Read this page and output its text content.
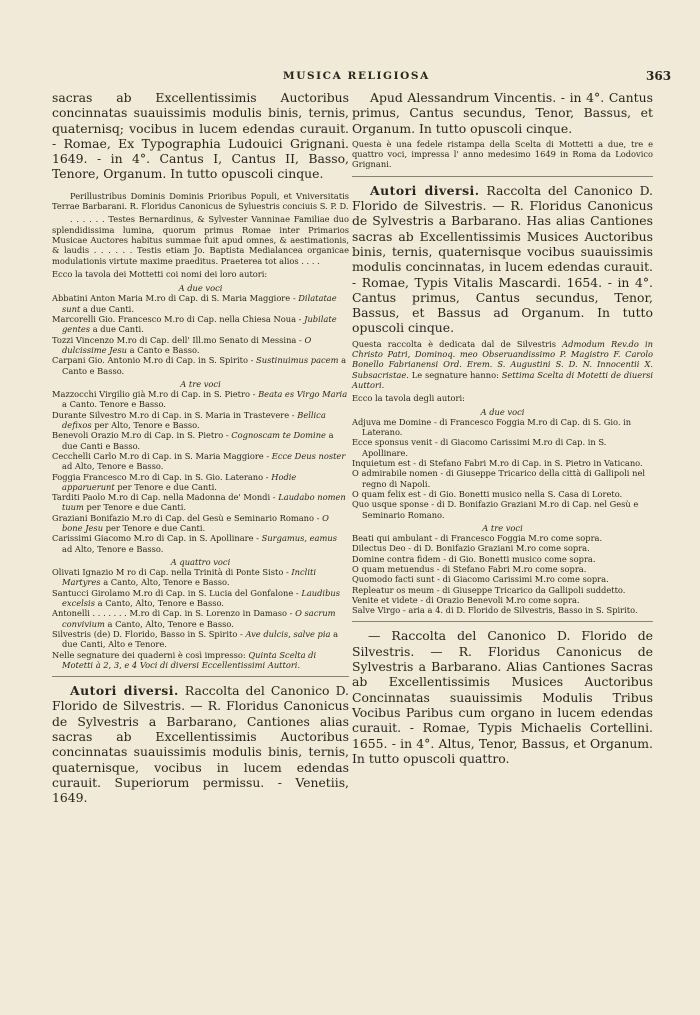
MUSICA RELIGIOSA	363

sacras ab Excellentissimis Auctoribus concinnatas suauissimis modulis binis, ternis, quaternisq; vocibus in lucem edendas curauit. - Romae, Ex Typographia Ludouici Grignani. 1649. - in 4°. Cantus I, Cantus II, Basso, Tenore, Organum. In tutto opuscoli cinque.

Perillustribus Dominis Dominis Prioribus Populi, et Vniversitatis Terrae Barbarani. R. Floridus Canonicus de Syluestris conciuis S. P. D.

. . . . . . Testes Bernardinus, & Sylvester Vanninae Familiae duo splendidissima lumina, quorum primus Romae inter Primarios Musicae Auctores habitus summae fuit apud omnes, & aestimationis, & laudis . . . . . . Testis etiam Jo. Baptista Medialancea organicae modulationis virtute maxime praeditus. Praeterea tot alios . . . .

Ecco la tavola dei Mottetti coi nomi dei loro autori:

A due voci

Abbatini Anton Maria M.ro di Cap. di S. Maria Maggiore - Dilatatae sunt a due Canti.

Marcorelli Gio. Francesco M.ro di Cap. nella Chiesa Noua - Jubilate gentes a due Canti.

Tozzi Vincenzo M.ro di Cap. dell' Ill.mo Senato di Messina - O dulcissime Jesu a Canto e Basso.

Carpani Gio. Antonio M.ro di Cap. in S. Spirito - Sustinuimus pacem a Canto e Basso.

A tre voci

Mazzocchi Virgilio già M.ro di Cap. in S. Pietro - Beata es Virgo Maria a Canto. Tenore e Basso.

Durante Silvestro M.ro di Cap. in S. Maria in Trastevere - Bellica defixos per Alto, Tenore e Basso.

Benevoli Orazio M.ro di Cap. in S. Pietro - Cognoscam te Domine a due Canti e Basso.

Cecchelli Carlo M.ro di Cap. in S. Maria Maggiore - Ecce Deus noster ad Alto, Tenore e Basso.

Foggia Francesco M.ro di Cap. in S. Gio. Laterano - Hodie apparuerunt per Tenore e due Canti.

Tarditi Paolo M.ro di Cap. nella Madonna de' Mondi - Laudabo nomen tuum per Tenore e due Canti.

Graziani Bonifazio M.ro di Cap. del Gesù e Seminario Romano - O bone Jesu per Tenore e due Canti.

Carissimi Giacomo M.ro di Cap. in S. Apollinare - Surgamus, eamus ad Alto, Tenore e Basso.

A quattro voci

Olivati Ignazio M ro di Cap. nella Trinità di Ponte Sisto - Incliti Martyres a Canto, Alto, Tenore e Basso.

Santucci Girolamo M.ro di Cap. in S. Lucia del Gonfalone - Laudibus excelsis a Canto, Alto, Tenore e Basso.

Antonelli . . . . . . . M.ro di Cap. in S. Lorenzo in Damaso - O sacrum convivium a Canto, Alto, Tenore e Basso.

Silvestris (de) D. Florido, Basso in S. Spirito - Ave dulcis, salve pia a due Canti, Alto e Tenore.

Nelle segnature dei quaderni è così impresso: Quinta Scelta di Motetti à 2, 3, e 4 Voci di diversi Eccellentissimi Auttori.

Autori diversi. Raccolta del Canonico D. Florido de Silvestris. — R. Floridus Canonicus de Sylvestris a Barbarano, Cantiones alias sacras ab Excellentissimis Auctoribus concinnatas suauissimis modulis binis, ternis, quaternisque, vocibus in lucem edendas curauit. Superiorum permissu. - Venetiis, 1649.

Apud Alessandrum Vincentis. - in 4°. Cantus primus, Cantus secundus, Tenor, Bassus, et Organum. In tutto opuscoli cinque.

Questa è una fedele ristampa della Scelta di Mottetti a due, tre e quattro voci, impressa l' anno medesimo 1649 in Roma da Lodovico Grignani.

Autori diversi. Raccolta del Canonico D. Florido de Silvestris. — R. Floridus Canonicus de Sylvestris a Barbarano. Has alias Cantiones sacras ab Excellentissimis Musices Auctoribus binis, ternis, quaternisque vocibus suauissimis modulis concinnatas, in lucem edendas curauit. - Romae, Typis Vitalis Mascardi. 1654. - in 4°. Cantus primus, Cantus secundus, Tenor, Bassus, et Bassus ad Organum. In tutto opuscoli cinque.

Questa raccolta è dedicata dal de Silvestris Admodum Rev.do in Christo Patri, Dominoq. meo Obseruandissimo P. Magistro F. Carolo Bonello Fabrianensi Ord. Erem. S. Augustini S. D. N. Innocentii X. Subsacristae. Le segnature hanno: Settima Scelta di Motetti de diuersi Auttori.

Ecco la tavola degli autori:

A due voci

Adjuva me Domine - di Francesco Foggia M.ro di Cap. di S. Gio. in Laterano.

Ecce sponsus venit - di Giacomo Carissimi M.ro di Cap. in S. Apollinare.

Inquietum est - di Stefano Fabri M.ro di Cap. in S. Pietro in Vaticano.

O admirabile nomen - di Giuseppe Tricarico della città di Gallipoli nel regno di Napoli.

O quam felix est - di Gio. Bonetti musico nella S. Casa di Loreto.

Quo usque sponse - di D. Bonifazio Graziani M.ro di Cap. nel Gesù e Seminario Romano.

A tre voci

Beati qui ambulant - di Francesco Foggia M.ro come sopra.

Dilectus Deo - di D. Bonifazio Graziani M.ro come sopra.

Domine contra fidem - di Gio. Bonetti musico come sopra.

O quam metuendus - di Stefano Fabri M.ro come sopra.

Quomodo facti sunt - di Giacomo Carissimi M.ro come sopra.

Repleatur os meum - di Giuseppe Tricarico da Gallipoli suddetto.

Venite et videte - di Orazio Benevoli M.ro come sopra.

Salve Virgo - aria a 4. di D. Florido de Silvestris, Basso in S. Spirito.

— Raccolta del Canonico D. Florido de Silvestris. — R. Floridus Canonicus de Sylvestris a Barbarano. Alias Cantiones Sacras ab Excellentissimis Musices Auctoribus Concinnatas suauissimis Modulis Tribus Vocibus Paribus cum organo in lucem edendas curauit. - Romae, Typis Michaelis Cortellini. 1655. - in 4°. Altus, Tenor, Bassus, et Organum. In tutto opuscoli quattro.
